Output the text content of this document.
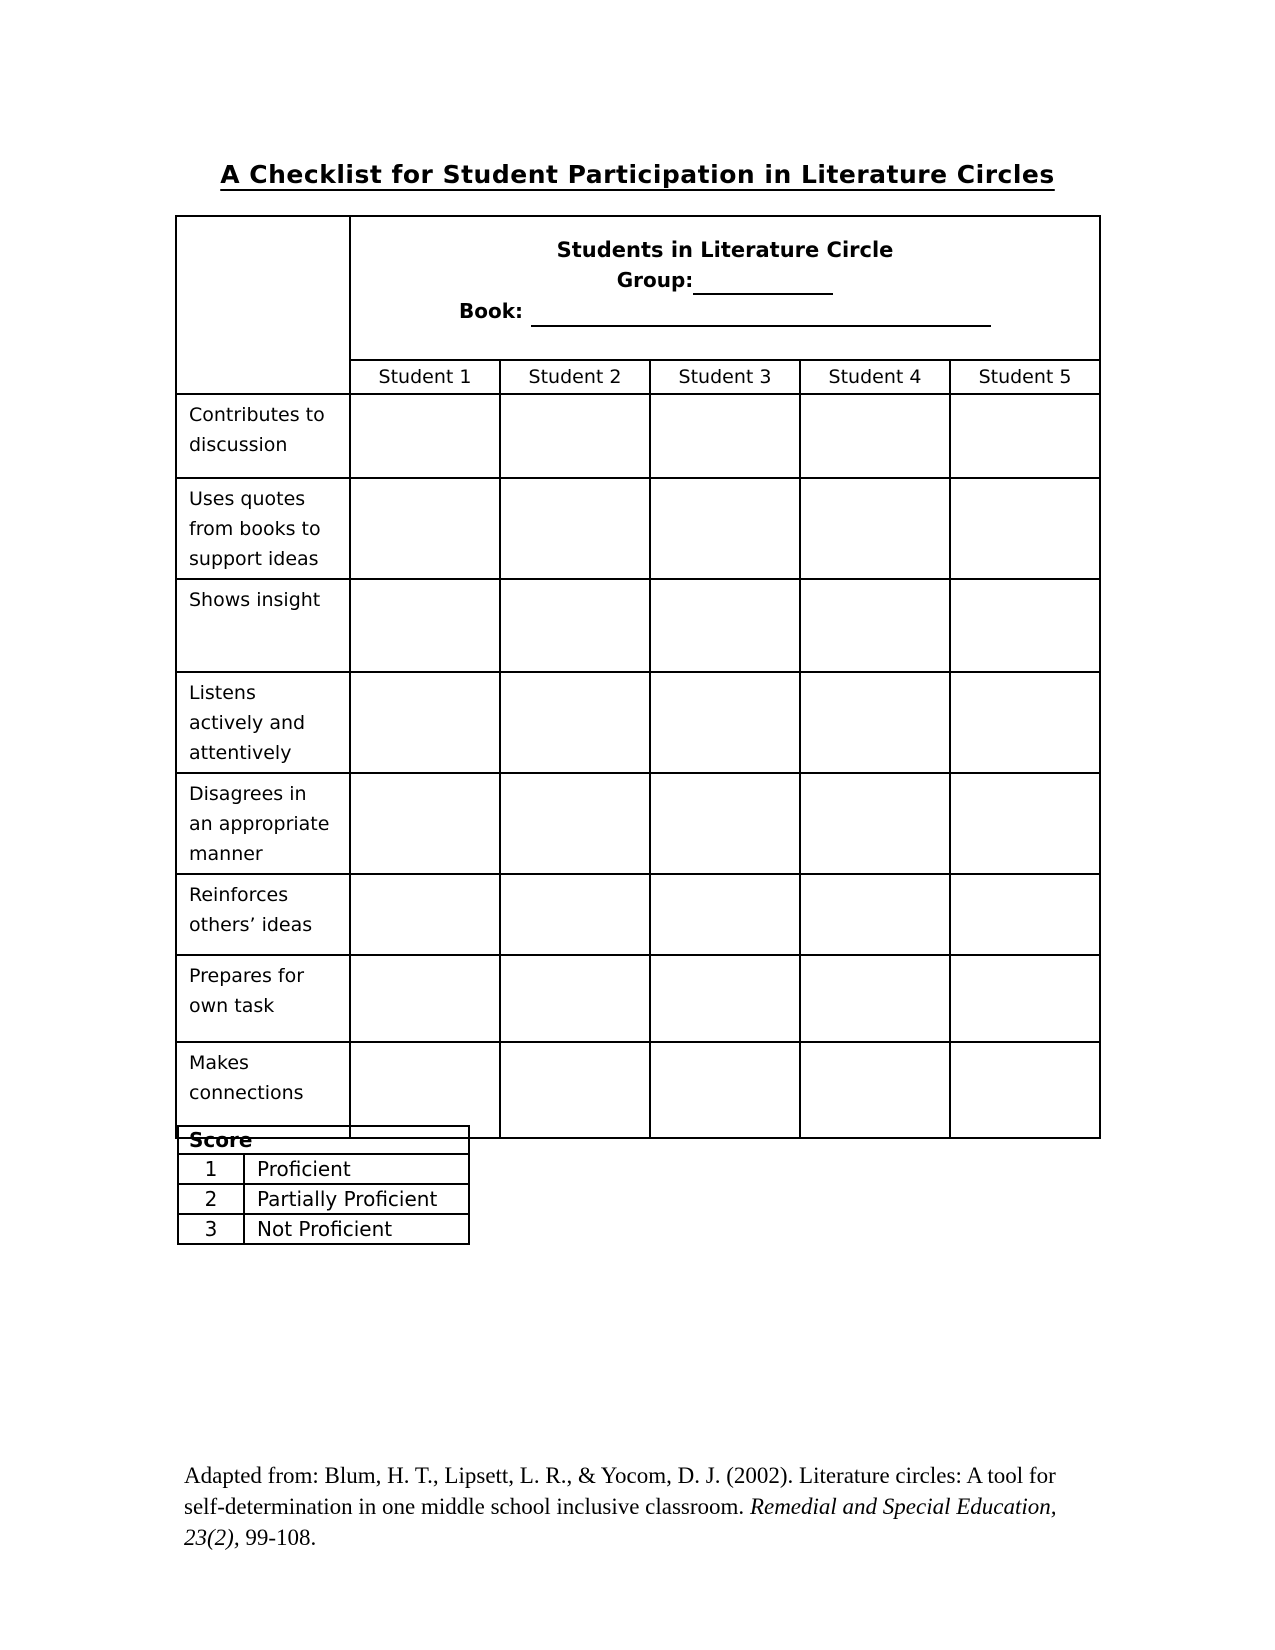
A Checklist for Student Participation in Literature Circles

	Students in Literature Circle
Group:
Book:				

	Student 1	Student 2	Student 3	Student 4	Student 5
Contributes to discussion					
Uses quotes from books to support ideas					
Shows insight					
Listens actively and attentively					
Disagrees in an appropriate manner					
Reinforces others’ ideas					
Prepares for own task					
Makes connections					
Score	
1	Proficient
2	Partially Proficient
3	Not Proficient

Adapted from: Blum, H. T., Lipsett, L. R., & Yocom, D. J. (2002). Literature circles: A tool for self-determination in one middle school inclusive classroom. Remedial and Special Education, 23(2), 99-108.
